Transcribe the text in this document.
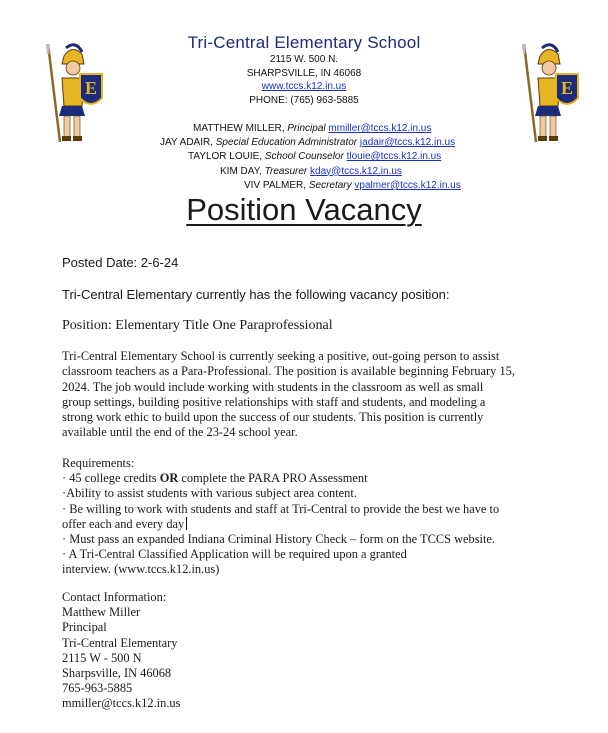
E	E
Tri-Central Elementary School
2115 W. 500 N.
SHARPSVILLE, IN 46068
www.tccs.k12.in.us
PHONE: (765) 963-5885
MATTHEW MILLER, Principal mmiller@tccs.k12.in.us
JAY ADAIR, Special Education Administrator jadair@tccs.k12.in.us
TAYLOR LOUIE, School Counselor tlouie@tccs.k12.in.us
KIM DAY, Treasurer kday@tccs.k12.in.us
VIV PALMER, Secretary vpalmer@tccs.k12.in.us
Position Vacancy
Posted Date: 2-6-24
Tri-Central Elementary currently has the following vacancy position:
Position: Elementary Title One Paraprofessional
Tri-Central Elementary School is currently seeking a positive, out-going person to assist
classroom teachers as a Para-Professional. The position is available beginning February 15,
2024. The job would include working with students in the classroom as well as small
group settings, building positive relationships with staff and students, and modeling a
strong work ethic to build upon the success of our students. This position is currently
available until the end of the 23-24 school year.
Requirements:
· 45 college credits OR complete the PARA PRO Assessment
·Ability to assist students with various subject area content.
· Be willing to work with students and staff at Tri-Central to provide the best we have to
offer each and every day
· Must pass an expanded Indiana Criminal History Check – form on the TCCS website.
· A Tri-Central Classified Application will be required upon a granted
interview. (www.tccs.k12.in.us)
Contact Information:
Matthew Miller
Principal
Tri-Central Elementary
2115 W - 500 N
Sharpsville, IN 46068
765-963-5885
mmiller@tccs.k12.in.us
